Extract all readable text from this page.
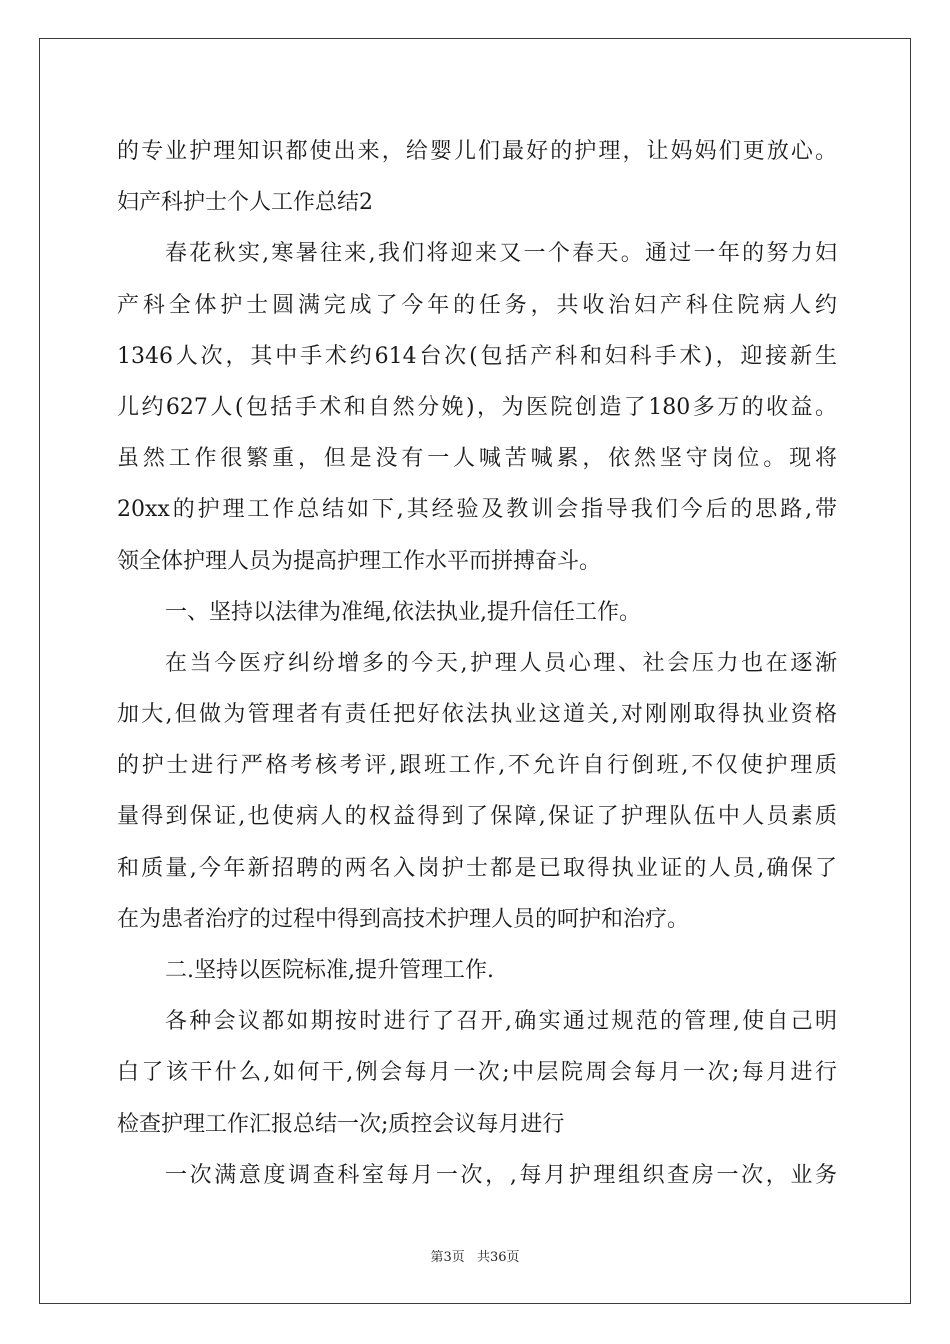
的专业护理知识都使出来，给婴儿们最好的护理，让妈妈们更放心。
妇产科护士个人工作总结2
春花秋实,寒暑往来,我们将迎来又一个春天。通过一年的努力妇
产科全体护士圆满完成了今年的任务，共收治妇产科住院病人约
1346人次，其中手术约614台次(包括产科和妇科手术)，迎接新生
儿约627人(包括手术和自然分娩)，为医院创造了180多万的收益。
虽然工作很繁重，但是没有一人喊苦喊累，依然坚守岗位。现将
20xx的护理工作总结如下,其经验及教训会指导我们今后的思路,带
领全体护理人员为提高护理工作水平而拼搏奋斗。
一、坚持以法律为准绳,依法执业,提升信任工作。
在当今医疗纠纷增多的今天,护理人员心理、社会压力也在逐渐
加大,但做为管理者有责任把好依法执业这道关,对刚刚取得执业资格
的护士进行严格考核考评,跟班工作,不允许自行倒班,不仅使护理质
量得到保证,也使病人的权益得到了保障,保证了护理队伍中人员素质
和质量,今年新招聘的两名入岗护士都是已取得执业证的人员,确保了
在为患者治疗的过程中得到高技术护理人员的呵护和治疗。
二.坚持以医院标准,提升管理工作.
各种会议都如期按时进行了召开,确实通过规范的管理,使自己明
白了该干什么,如何干,例会每月一次;中层院周会每月一次;每月进行
检查护理工作汇报总结一次;质控会议每月进行
一次满意度调查科室每月一次，,每月护理组织查房一次，业务
第3页 共36页
